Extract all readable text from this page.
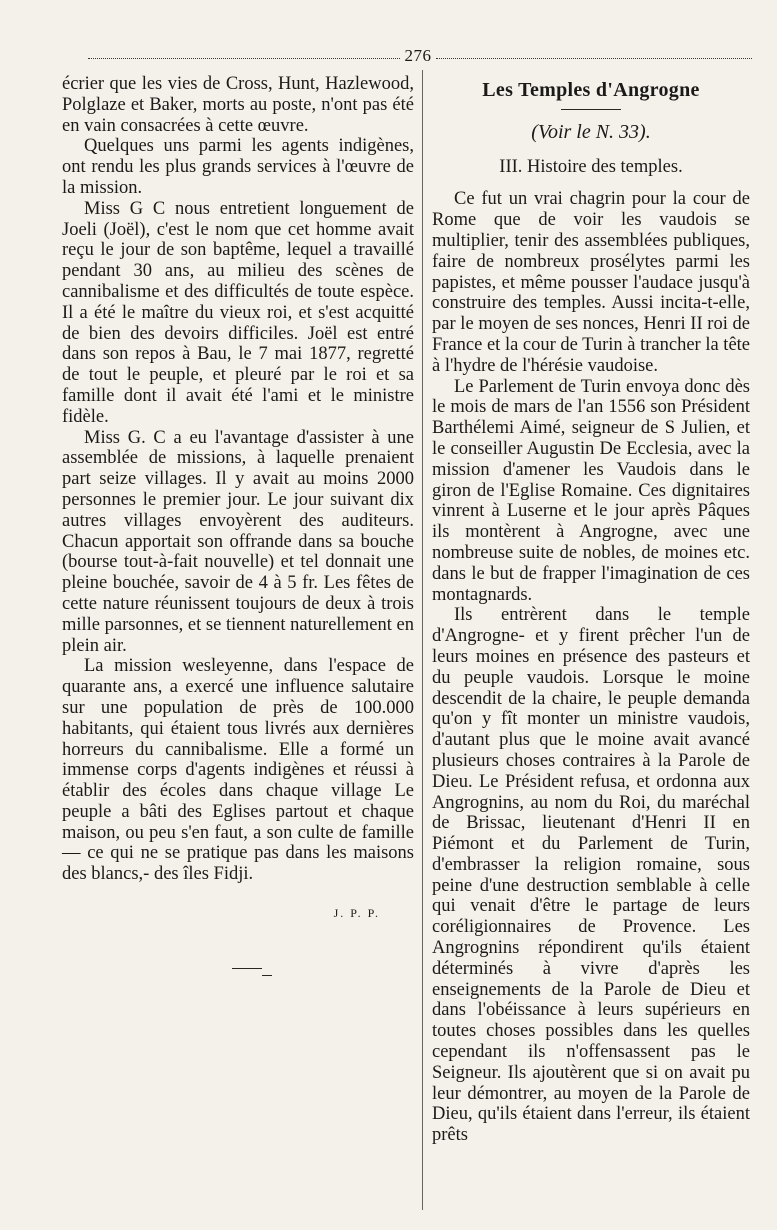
276

écrier que les vies de Cross, Hunt, Hazlewood, Polglaze et Baker, morts au poste, n'ont pas été en vain consacrées à cette œuvre.

Quelques uns parmi les agents indigènes, ont rendu les plus grands services à l'œuvre de la mission.

Miss G C nous entretient longuement de Joeli (Joël), c'est le nom que cet homme avait reçu le jour de son baptême, lequel a travaillé pendant 30 ans, au milieu des scènes de cannibalisme et des difficultés de toute espèce. Il a été le maître du vieux roi, et s'est acquitté de bien des devoirs difficiles. Joël est entré dans son repos à Bau, le 7 mai 1877, regretté de tout le peuple, et pleuré par le roi et sa famille dont il avait été l'ami et le ministre fidèle.

Miss G. C a eu l'avantage d'assister à une assemblée de missions, à laquelle prenaient part seize villages. Il y avait au moins 2000 personnes le premier jour. Le jour suivant dix autres villages envoyèrent des auditeurs. Chacun apportait son offrande dans sa bouche (bourse tout-à-fait nouvelle) et tel donnait une pleine bouchée, savoir de 4 à 5 fr. Les fêtes de cette nature réunissent toujours de deux à trois mille parsonnes, et se tiennent naturellement en plein air.

La mission wesleyenne, dans l'espace de quarante ans, a exercé une influence salutaire sur une population de près de 100.000 habitants, qui étaient tous livrés aux dernières horreurs du cannibalisme. Elle a formé un immense corps d'agents indigènes et réussi à établir des écoles dans chaque village Le peuple a bâti des Eglises partout et chaque maison, ou peu s'en faut, a son culte de famille — ce qui ne se pratique pas dans les maisons des blancs,- des îles Fidji.

J. P. P.
Les Temples d'Angrogne
(Voir le N. 33).
III. Histoire des temples.

Ce fut un vrai chagrin pour la cour de Rome que de voir les vaudois se multiplier, tenir des assemblées publiques, faire de nombreux prosélytes parmi les papistes, et même pousser l'audace jusqu'à construire des temples. Aussi incita-t-elle, par le moyen de ses nonces, Henri II roi de France et la cour de Turin à trancher la tête à l'hydre de l'hérésie vaudoise.

Le Parlement de Turin envoya donc dès le mois de mars de l'an 1556 son Président Barthélemi Aimé, seigneur de S Julien, et le conseiller Augustin De Ecclesia, avec la mission d'amener les Vaudois dans le giron de l'Eglise Romaine. Ces dignitaires vinrent à Luserne et le jour après Pâques ils montèrent à Angrogne, avec une nombreuse suite de nobles, de moines etc. dans le but de frapper l'imagination de ces montagnards.

Ils entrèrent dans le temple d'Angrogne- et y firent prêcher l'un de leurs moines en présence des pasteurs et du peuple vaudois. Lorsque le moine descendit de la chaire, le peuple demanda qu'on y fît monter un ministre vaudois, d'autant plus que le moine avait avancé plusieurs choses contraires à la Parole de Dieu. Le Président refusa, et ordonna aux Angrognins, au nom du Roi, du maréchal de Brissac, lieutenant d'Henri II en Piémont et du Parlement de Turin, d'embrasser la religion romaine, sous peine d'une destruction semblable à celle qui venait d'être le partage de leurs coréligionnaires de Provence. Les Angrognins répondirent qu'ils étaient déterminés à vivre d'après les enseignements de la Parole de Dieu et dans l'obéissance à leurs supérieurs en toutes choses possibles dans les quelles cependant ils n'offensassent pas le Seigneur. Ils ajoutèrent que si on avait pu leur démontrer, au moyen de la Parole de Dieu, qu'ils étaient dans l'erreur, ils étaient prêts
